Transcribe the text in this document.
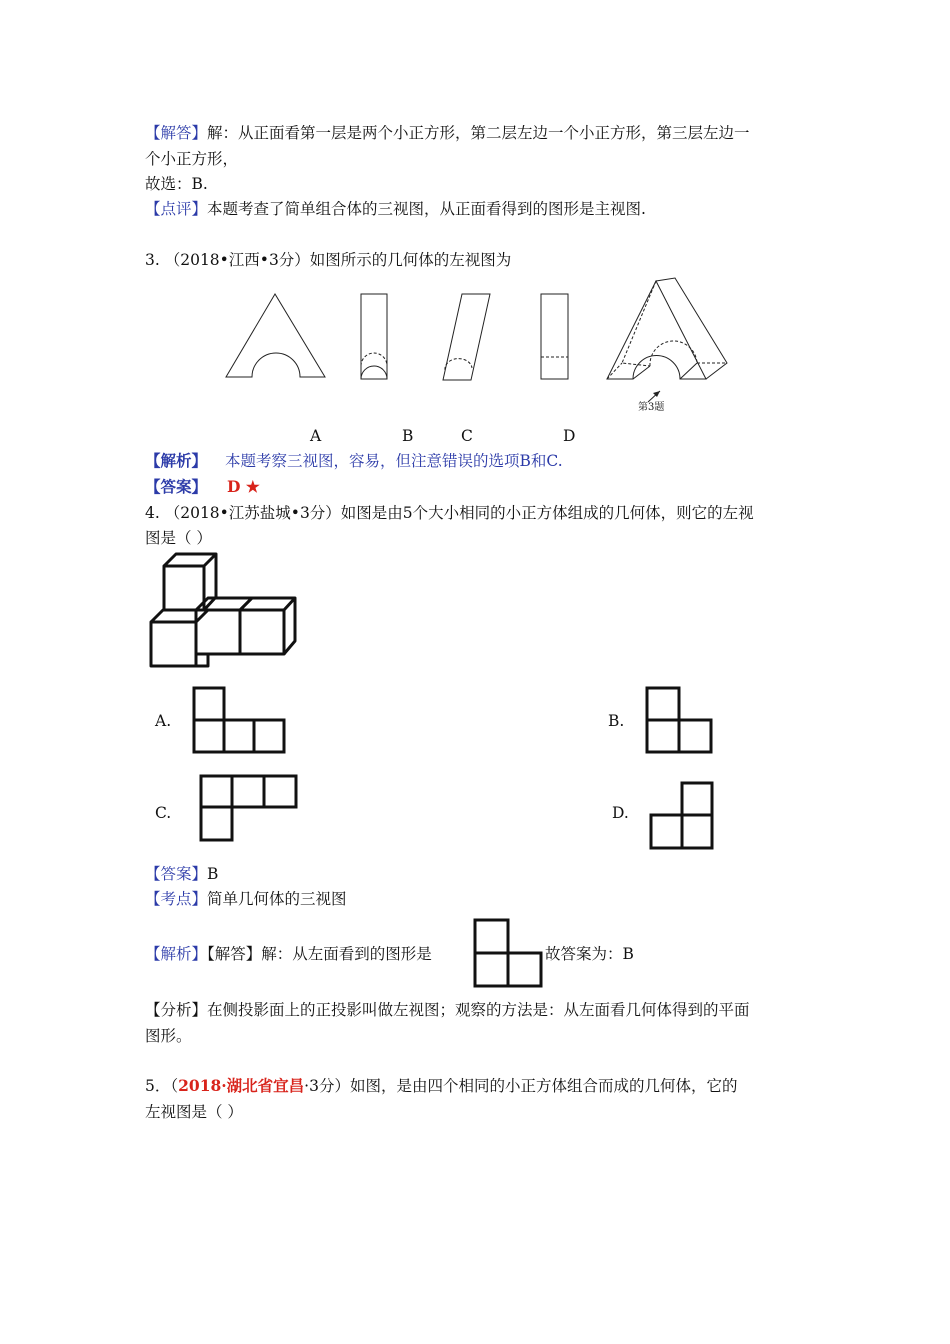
【解答】解：从正面看第一层是两个小正方形，第二层左边一个小正方形，第三层左边一
个小正方形，
故选：B.
【点评】本题考查了简单组合体的三视图，从正面看得到的图形是主视图.
3. （2018•江西•3分）如图所示的几何体的左视图为
第3题
A	B	C	D
【解析】 本题考察三视图，容易，但注意错误的选项B和C.
【答案】 D ★
4. （2018•江苏盐城•3分）如图是由5个大小相同的小正方体组成的几何体，则它的左视
图是（ ）
A.	B.
C.	D.
【答案】B
【考点】简单几何体的三视图
【解析】【解答】解：从左面看到的图形是	故答案为：B
【分析】在侧投影面上的正投影叫做左视图；观察的方法是：从左面看几何体得到的平面
图形。
5．（2018·湖北省宜昌·3分）如图，是由四个相同的小正方体组合而成的几何体，它的
左视图是（ ）
